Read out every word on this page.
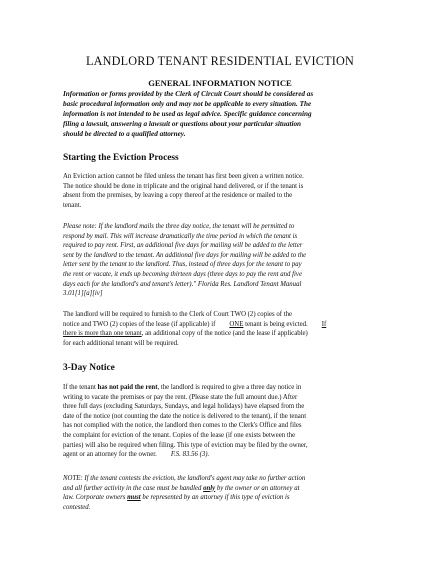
LANDLORD TENANT RESIDENTIAL EVICTION
GENERAL INFORMATION NOTICE

Information or forms provided by the Clerk of Circuit Court should be considered as

basic procedural information only and may not be applicable to every situation. The

information is not intended to be used as legal advice. Specific guidance concerning

filing a lawsuit, answering a lawsuit or questions about your particular situation

should be directed to a qualified attorney.

Starting the Eviction Process

An Eviction action cannot be filed unless the tenant has first been given a written notice.

The notice should be done in triplicate and the original hand delivered, or if the tenant is

absent from the premises, by leaving a copy thereof at the residence or mailed to the

tenant.

Please note: If the landlord mails the three day notice, the tenant will be permitted to

respond by mail. This will increase dramatically the time period in which the tenant is

required to pay rent. First, an additional five days for mailing will be added to the letter

sent by the landlord to the tenant. An additional five days for mailing will be added to the

letter sent by the tenant to the landlord. Thus, instead of three days for the tenant to pay

the rent or vacate, it ends up becoming thirteen days (three days to pay the rent and five

days each for the landlord's and tenant's letter)." Florida Res. Landlord Tenant Manual

3.01[1][a][iv]

The landlord will be required to furnish to the Clerk of Court TWO (2) copies of the

notice and TWO (2) copies of the lease (if applicable) if ONE tenant is being evicted. If

there is more than one tenant, an additional copy of the notice (and the lease if applicable)

for each additional tenant will be required.

3-Day Notice

If the tenant has not paid the rent, the landlord is required to give a three day notice in

writing to vacate the premises or pay the rent. (Please state the full amount due.) After

three full days (excluding Saturdays, Sundays, and legal holidays) have elapsed from the

date of the notice (not counting the date the notice is delivered to the tenant), if the tenant

has not complied with the notice, the landlord then comes to the Clerk's Office and files

the complaint for eviction of the tenant. Copies of the lease (if one exists between the

parties) will also be required when filing. This type of eviction may be filed by the owner,

agent or an attorney for the owner. F.S. 83.56 (3).

NOTE: If the tenant contests the eviction, the landlord's agent may take no further action

and all further activity in the case must be handled only by the owner or an attorney at

law. Corporate owners must be represented by an attorney if this type of eviction is

contested.
